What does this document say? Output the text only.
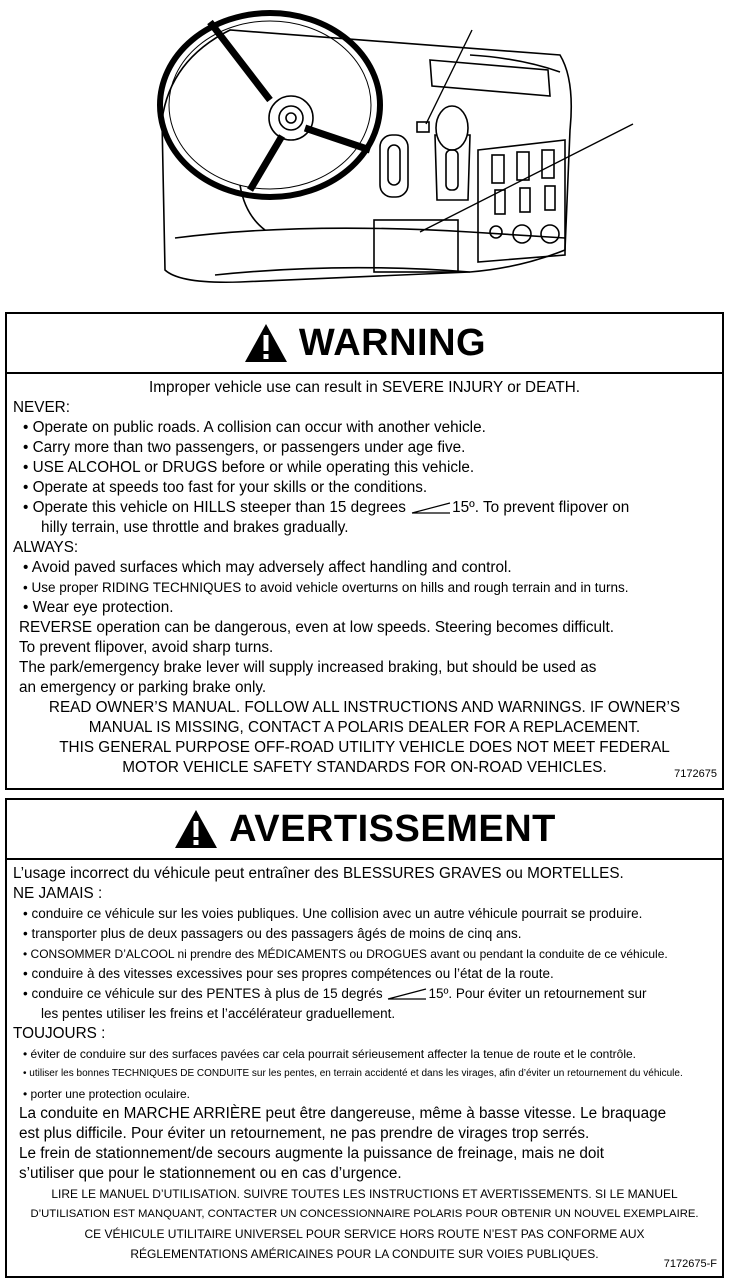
WARNING
Improper vehicle use can result in SEVERE INJURY or DEATH.
NEVER:
• Operate on public roads. A collision can occur with another vehicle.
• Carry more than two passengers, or passengers under age five.
• USE ALCOHOL or DRUGS before or while operating this vehicle.
• Operate at speeds too fast for your skills or the conditions.
• Operate this vehicle on HILLS steeper than 15 degrees	15º. To prevent flipover on
hilly terrain, use throttle and brakes gradually.
ALWAYS:
• Avoid paved surfaces which may adversely affect handling and control.
• Use proper RIDING TECHNIQUES to avoid vehicle overturns on hills and rough terrain and in turns.
• Wear eye protection.
REVERSE operation can be dangerous, even at low speeds. Steering becomes difficult.
To prevent flipover, avoid sharp turns.
The park/emergency brake lever will supply increased braking, but should be used as
an emergency or parking brake only.
READ OWNER’S MANUAL. FOLLOW ALL INSTRUCTIONS AND WARNINGS. IF OWNER’S
MANUAL IS MISSING, CONTACT A POLARIS DEALER FOR A REPLACEMENT.
THIS GENERAL PURPOSE OFF-ROAD UTILITY VEHICLE DOES NOT MEET FEDERAL
MOTOR VEHICLE SAFETY STANDARDS FOR ON-ROAD VEHICLES.	7172675
AVERTISSEMENT
L’usage incorrect du véhicule peut entraîner des BLESSURES GRAVES ou MORTELLES.
NE JAMAIS :
• conduire ce véhicule sur les voies publiques. Une collision avec un autre véhicule pourrait se produire.
• transporter plus de deux passagers ou des passagers âgés de moins de cinq ans.
• CONSOMMER D’ALCOOL ni prendre des MÉDICAMENTS ou DROGUES avant ou pendant la conduite de ce véhicule.
• conduire à des vitesses excessives pour ses propres compétences ou l’état de la route.
• conduire ce véhicule sur des PENTES à plus de 15 degrés	15º. Pour éviter un retournement sur
les pentes utiliser les freins et l’accélérateur graduellement.
TOUJOURS :
• éviter de conduire sur des surfaces pavées car cela pourrait sérieusement affecter la tenue de route et le contrôle.
• utiliser les bonnes TECHNIQUES DE CONDUITE sur les pentes, en terrain accidenté et dans les virages, afin d’éviter un retournement du véhicule.
• porter une protection oculaire.
La conduite en MARCHE ARRIÈRE peut être dangereuse, même à basse vitesse. Le braquage
est plus difficile. Pour éviter un retournement, ne pas prendre de virages trop serrés.
Le frein de stationnement/de secours augmente la puissance de freinage, mais ne doit
s’utiliser que pour le stationnement ou en cas d’urgence.
LIRE LE MANUEL D’UTILISATION. SUIVRE TOUTES LES INSTRUCTIONS ET AVERTISSEMENTS. SI LE MANUEL
D’UTILISATION EST MANQUANT, CONTACTER UN CONCESSIONNAIRE POLARIS POUR OBTENIR UN NOUVEL EXEMPLAIRE.
CE VÉHICULE UTILITAIRE UNIVERSEL POUR SERVICE HORS ROUTE N’EST PAS CONFORME AUX
RÉGLEMENTATIONS AMÉRICAINES POUR LA CONDUITE SUR VOIES PUBLIQUES.
7172675-F
